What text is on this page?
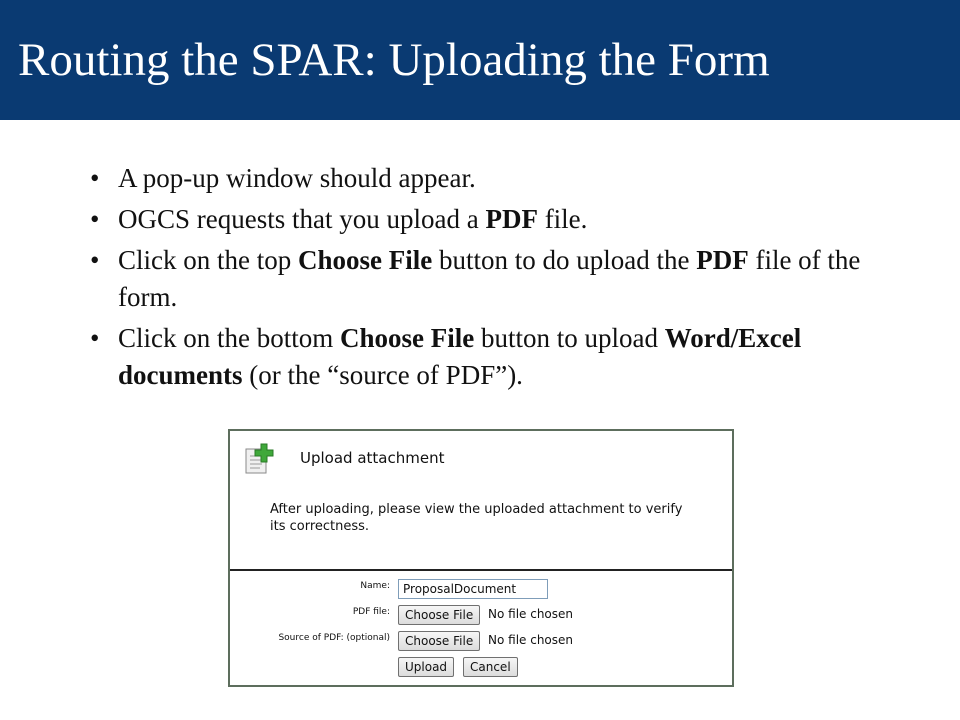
Routing the SPAR: Uploading the Form
• A pop-up window should appear.
• OGCS requests that you upload a PDF file.
• Click on the top Choose File button to do upload the PDF file of the form.
• Click on the bottom Choose File button to upload Word/Excel documents (or the “source of PDF”).
Upload attachment
After uploading, please view the uploaded attachment to verify its correctness.
Name:
ProposalDocument
PDF file:	Choose File	No file chosen
Source of PDF: (optional)	Choose File	No file chosen
Upload	Cancel
